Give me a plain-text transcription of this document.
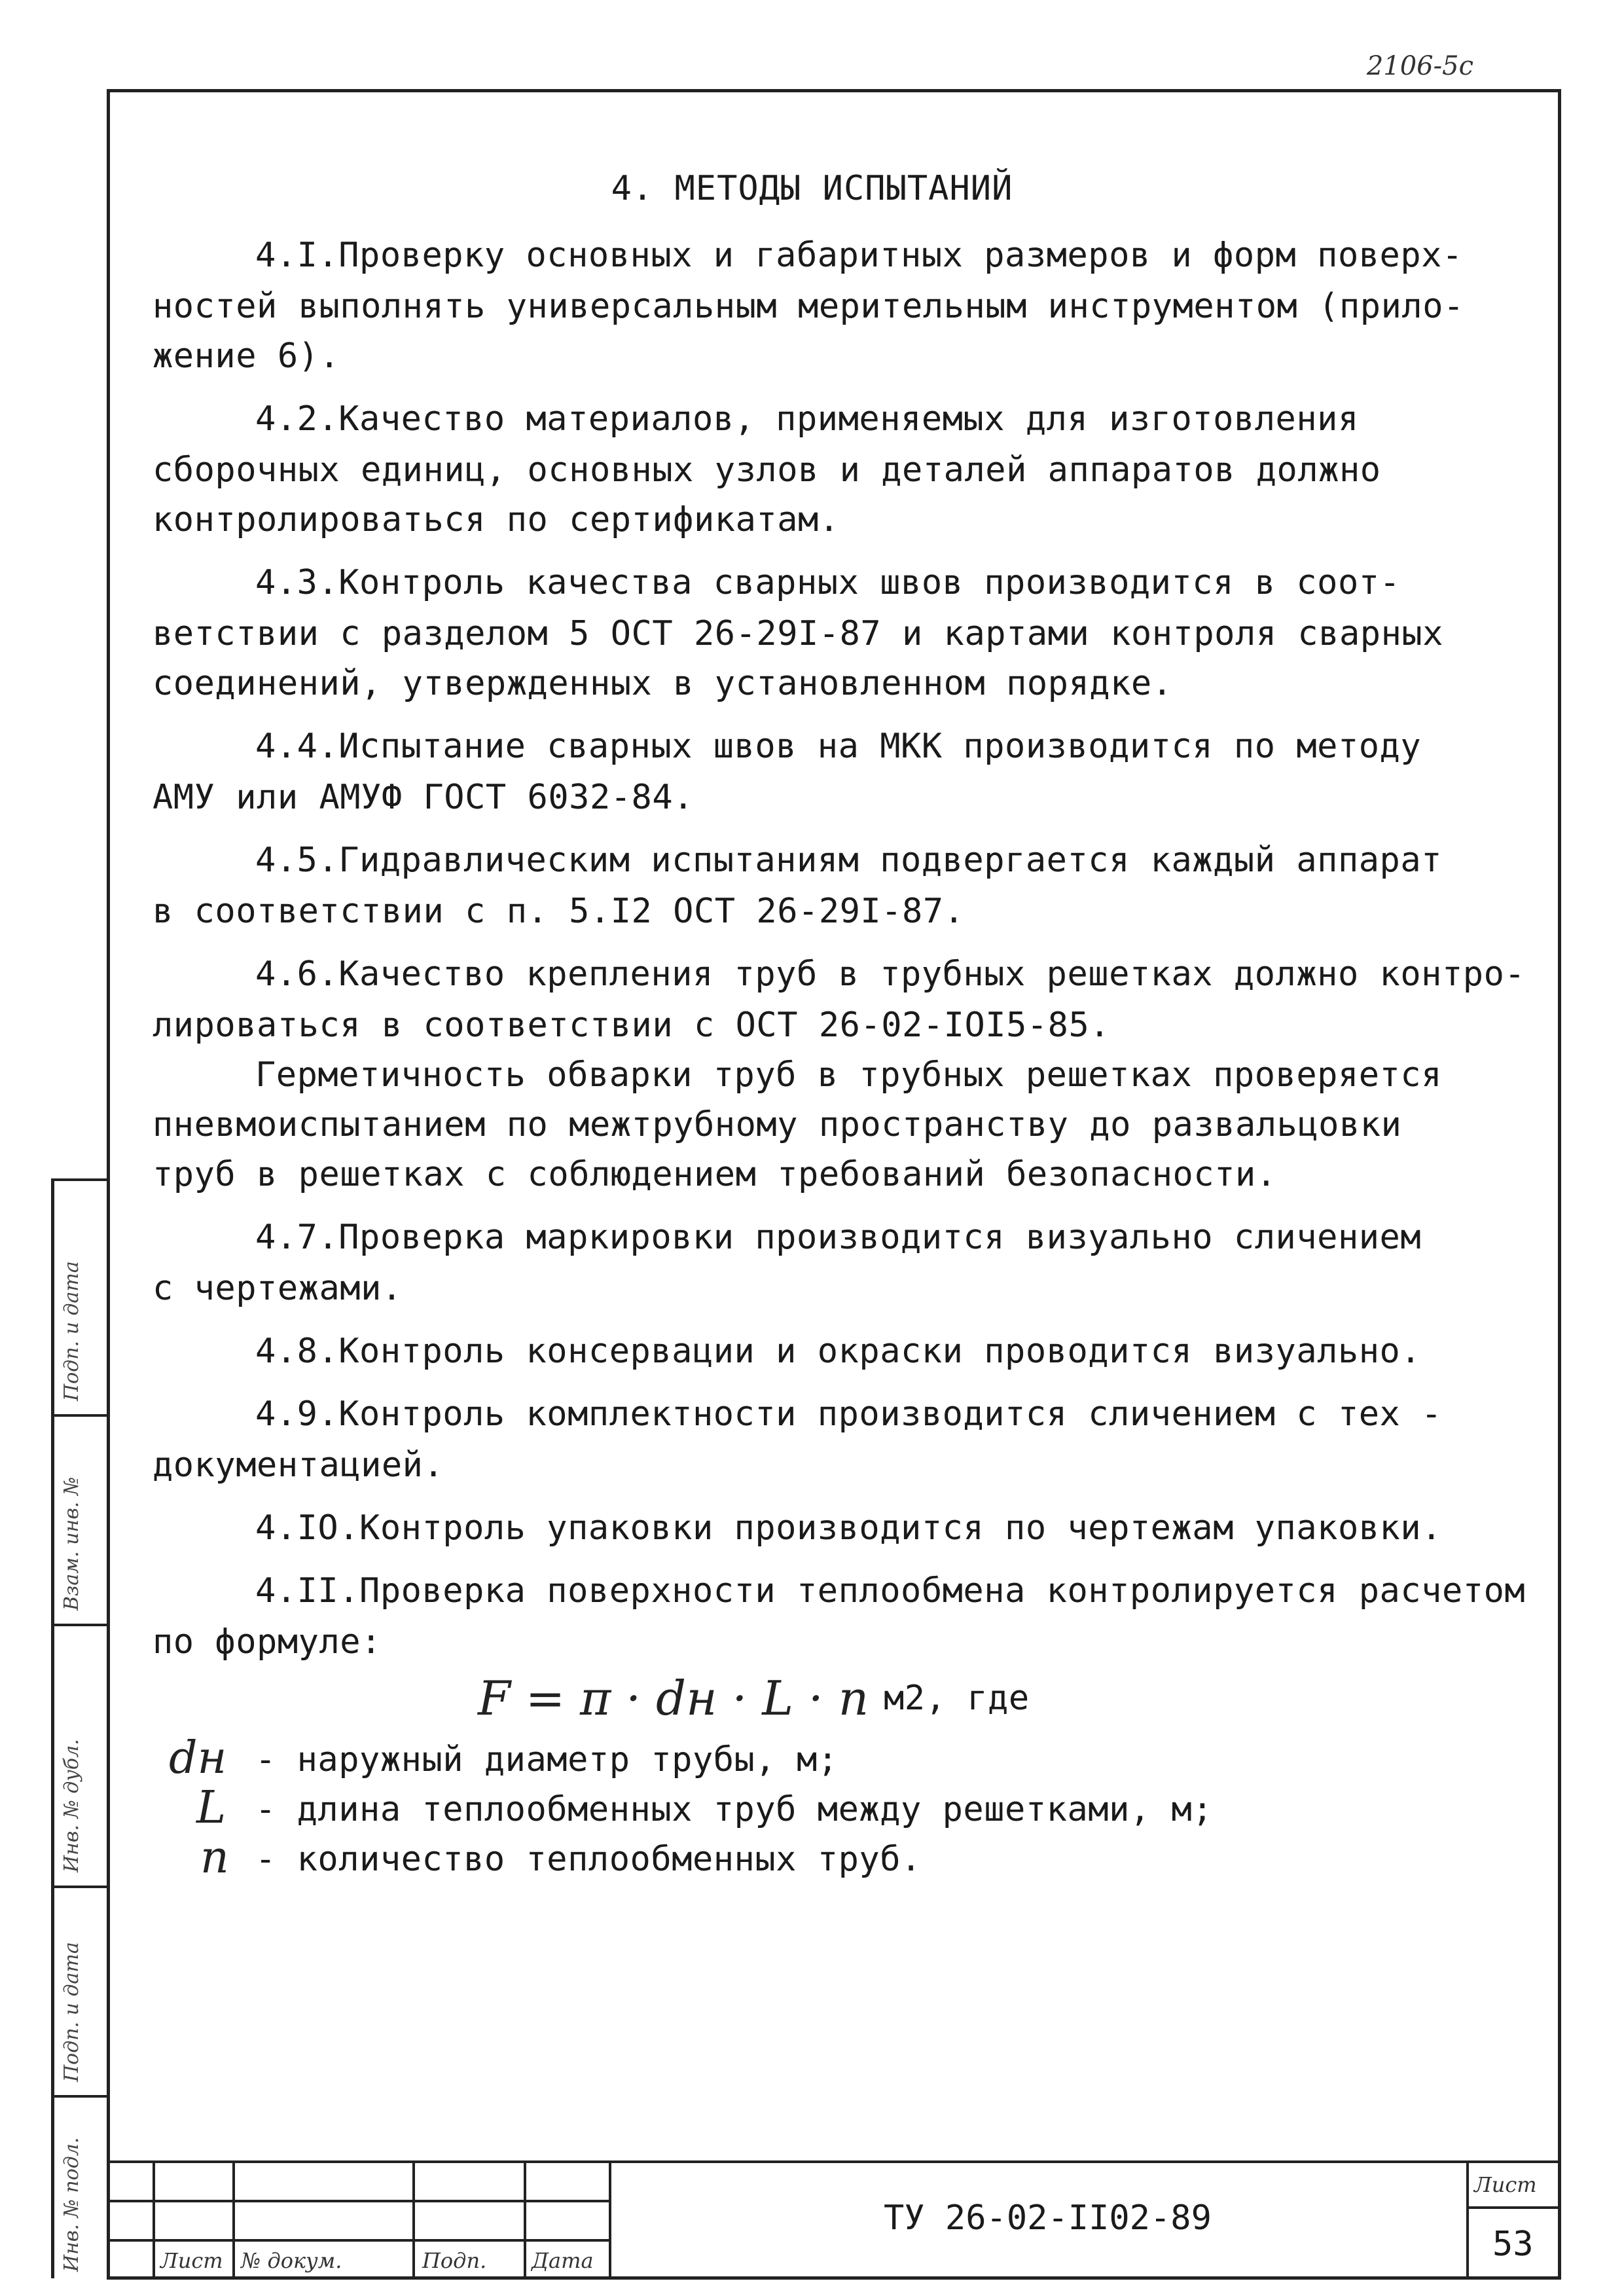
2106-5с
Подп. и дата
Взам. инв. №
Инв. № дубл.
Подп. и дата
Инв. № подл.
4. МЕТОДЫ ИСПЫТАНИЙ
4.I.Проверку основных и габаритных размеров и форм поверх-
ностей выполнять универсальным мерительным инструментом (прило-
жение 6).
4.2.Качество материалов, применяемых для изготовления
сборочных единиц, основных узлов и деталей аппаратов должно
контролироваться по сертификатам.
4.3.Контроль качества сварных швов производится в соот-
ветствии с разделом 5 ОСТ 26-29I-87 и картами контроля сварных
соединений, утвержденных в установленном порядке.
4.4.Испытание сварных швов на МКК производится по методу
АМУ или АМУФ ГОСТ 6032-84.
4.5.Гидравлическим испытаниям подвергается каждый аппарат
в соответствии с п. 5.I2 ОСТ 26-29I-87.
4.6.Качество крепления труб в трубных решетках должно контро-
лироваться в соответствии с ОСТ 26-02-IOI5-85.
Герметичность обварки труб в трубных решетках проверяется
пневмоиспытанием по межтрубному пространству до развальцовки
труб в решетках с соблюдением требований безопасности.
4.7.Проверка маркировки производится визуально сличением
с чертежами.
4.8.Контроль консервации и окраски проводится визуально.
4.9.Контроль комплектности производится сличением с тех -
документацией.
4.IO.Контроль упаковки производится по чертежам упаковки.
4.II.Проверка поверхности теплообмена контролируется расчетом
по формуле:
F = π · dн · L · n м2, где
dн - наружный диаметр трубы, м;
L - длина теплообменных труб между решетками, м;
n - количество теплообменных труб.
Лист № докум.	Подп. Дата
ТУ 26-02-II02-89
Лист
53
